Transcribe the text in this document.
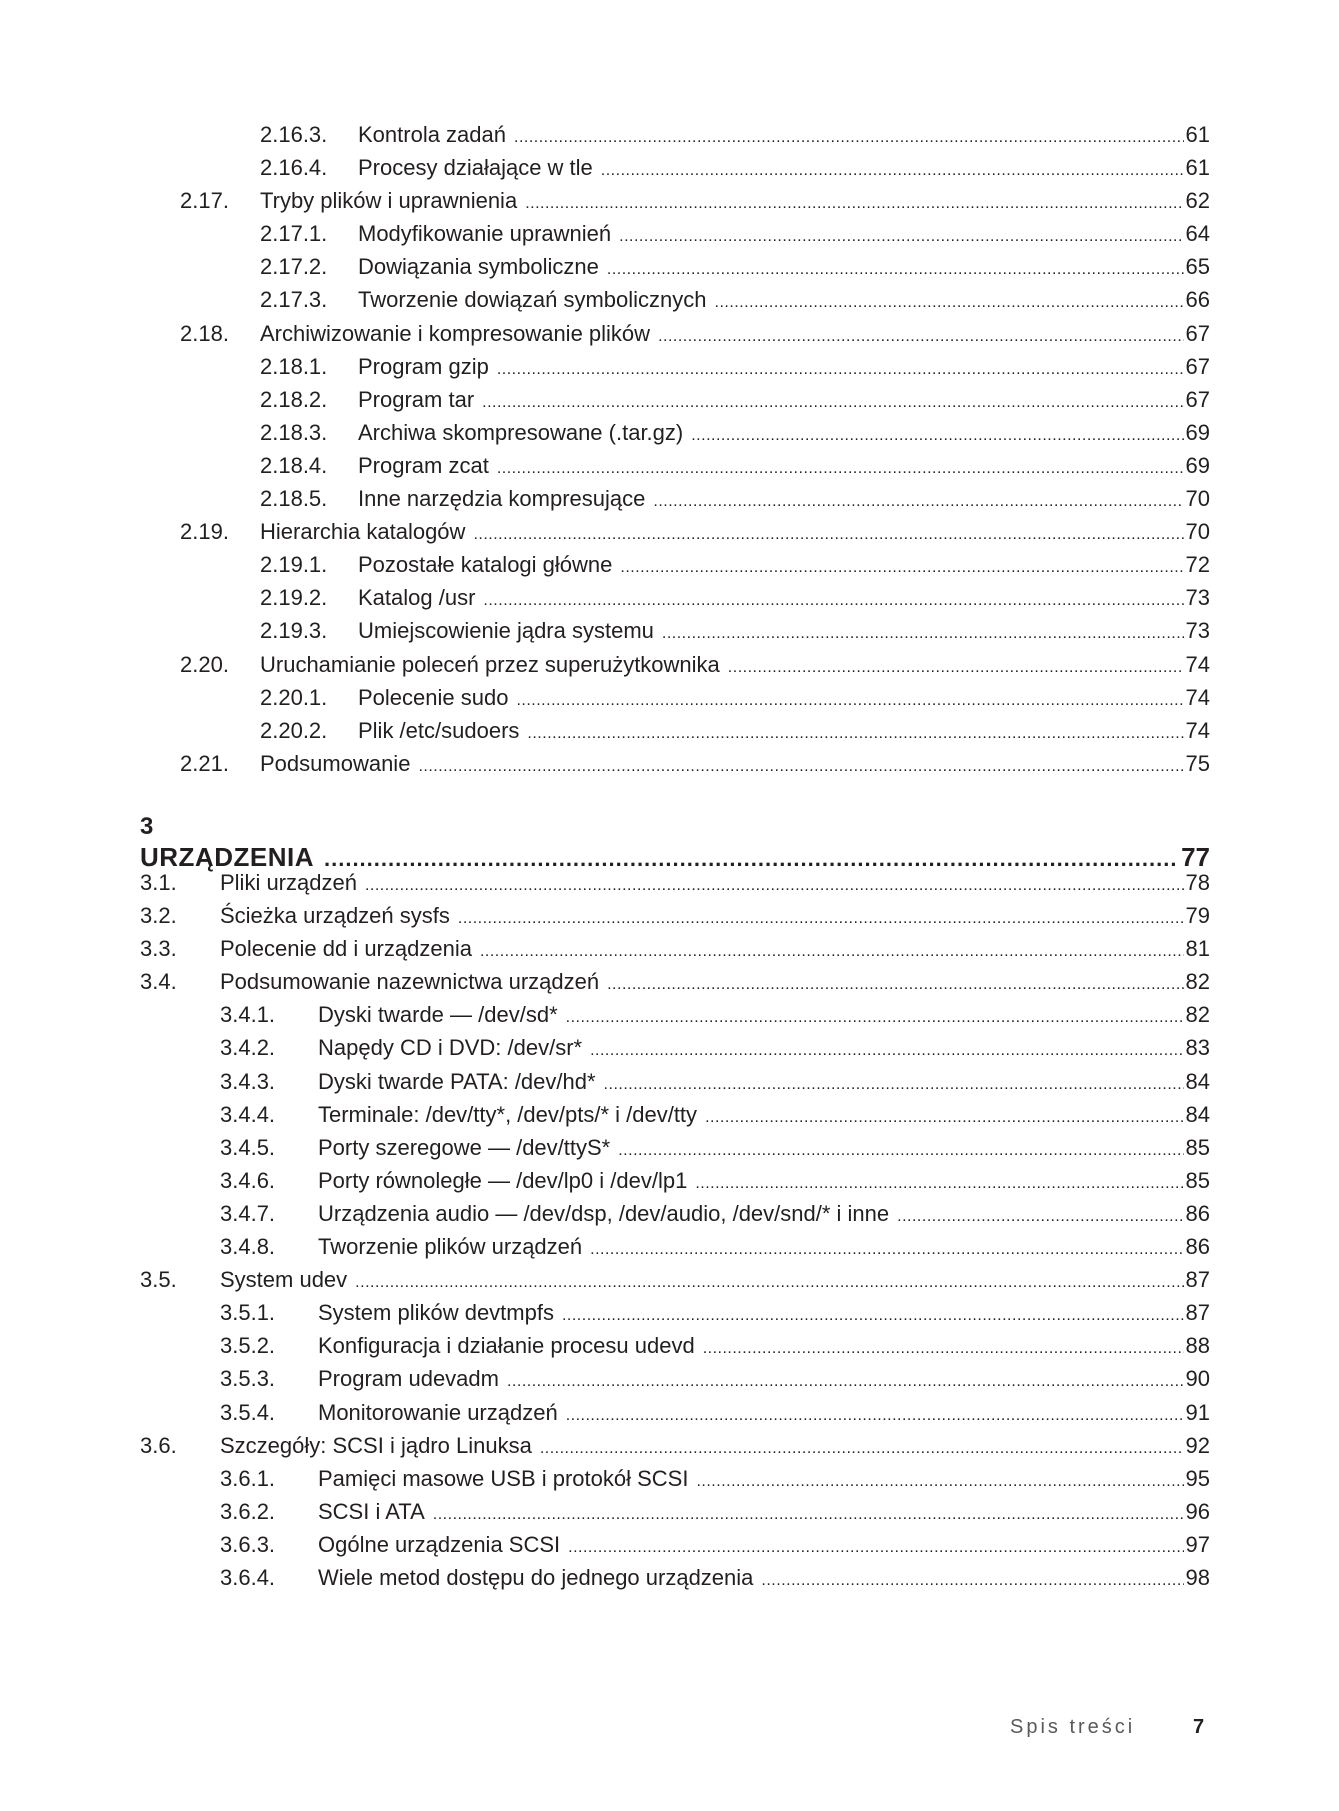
2.16.3.	Kontrola zadań .....	61
2.16.4.	Procesy działające w tle .....	61
2.17.	Tryby plików i uprawnienia .....	62
2.17.1.	Modyfikowanie uprawnień .....	64
2.17.2.	Dowiązania symboliczne .....	65
2.17.3.	Tworzenie dowiązań symbolicznych .....	66
2.18.	Archiwizowanie i kompresowanie plików .....	67
2.18.1.	Program gzip .....	67
2.18.2.	Program tar .....	67
2.18.3.	Archiwa skompresowane (.tar.gz) .....	69
2.18.4.	Program zcat .....	69
2.18.5.	Inne narzędzia kompresujące .....	70
2.19.	Hierarchia katalogów .....	70
2.19.1.	Pozostałe katalogi główne .....	72
2.19.2.	Katalog /usr .....	73
2.19.3.	Umiejscowienie jądra systemu .....	73
2.20.	Uruchamianie poleceń przez superużytkownika .....	74
2.20.1.	Polecenie sudo .....	74
2.20.2.	Plik /etc/sudoers .....	74
2.21.	Podsumowanie .....	75
3
URZĄDZENIA .....	77
3.1.	Pliki urządzeń .....	78
3.2.	Ścieżka urządzeń sysfs .....	79
3.3.	Polecenie dd i urządzenia .....	81
3.4.	Podsumowanie nazewnictwa urządzeń .....	82
3.4.1.	Dyski twarde — /dev/sd* .....	82
3.4.2.	Napędy CD i DVD: /dev/sr* .....	83
3.4.3.	Dyski twarde PATA: /dev/hd* .....	84
3.4.4.	Terminale: /dev/tty*, /dev/pts/* i /dev/tty .....	84
3.4.5.	Porty szeregowe — /dev/ttyS* .....	85
3.4.6.	Porty równoległe — /dev/lp0 i /dev/lp1 .....	85
3.4.7.	Urządzenia audio — /dev/dsp, /dev/audio, /dev/snd/* i inne .....	86
3.4.8.	Tworzenie plików urządzeń .....	86
3.5.	System udev .....	87
3.5.1.	System plików devtmpfs .....	87
3.5.2.	Konfiguracja i działanie procesu udevd .....	88
3.5.3.	Program udevadm .....	90
3.5.4.	Monitorowanie urządzeń .....	91
3.6.	Szczegóły: SCSI i jądro Linuksa .....	92
3.6.1.	Pamięci masowe USB i protokół SCSI .....	95
3.6.2.	SCSI i ATA .....	96
3.6.3.	Ogólne urządzenia SCSI .....	97
3.6.4.	Wiele metod dostępu do jednego urządzenia .....	98
Spis treści	7
